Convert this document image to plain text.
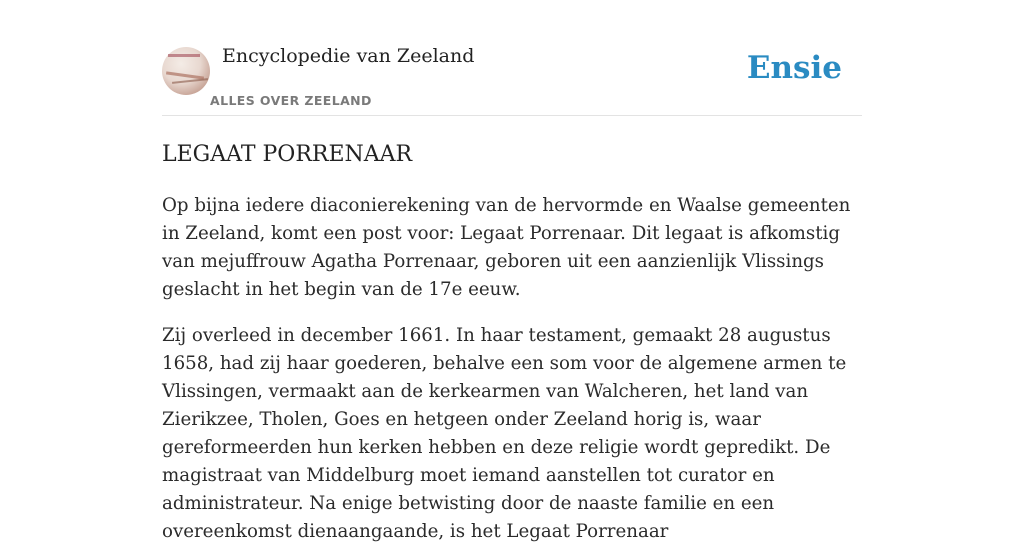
Encyclopedie van Zeeland
ALLES OVER ZEELAND
Ensie
LEGAAT PORRENAAR

Op bijna iedere diaconierekening van de hervormde en Waalse gemeenten in Zeeland, komt een post voor: Legaat Porrenaar. Dit legaat is afkomstig van mejuffrouw Agatha Porrenaar, geboren uit een aanzienlijk Vlissings geslacht in het begin van de 17e eeuw.

Zij overleed in december 1661. In haar testament, gemaakt 28 augustus 1658, had zij haar goederen, behalve een som voor de algemene armen te Vlissingen, vermaakt aan de kerkearmen van Walcheren, het land van Zierikzee, Tholen, Goes en hetgeen onder Zeeland horig is, waar gereformeerden hun kerken hebben en deze religie wordt gepredikt. De magistraat van Middelburg moet iemand aanstellen tot curator en administrateur. Na enige betwisting door de naaste familie en een overeenkomst dienaangaande, is het Legaat Porrenaar
